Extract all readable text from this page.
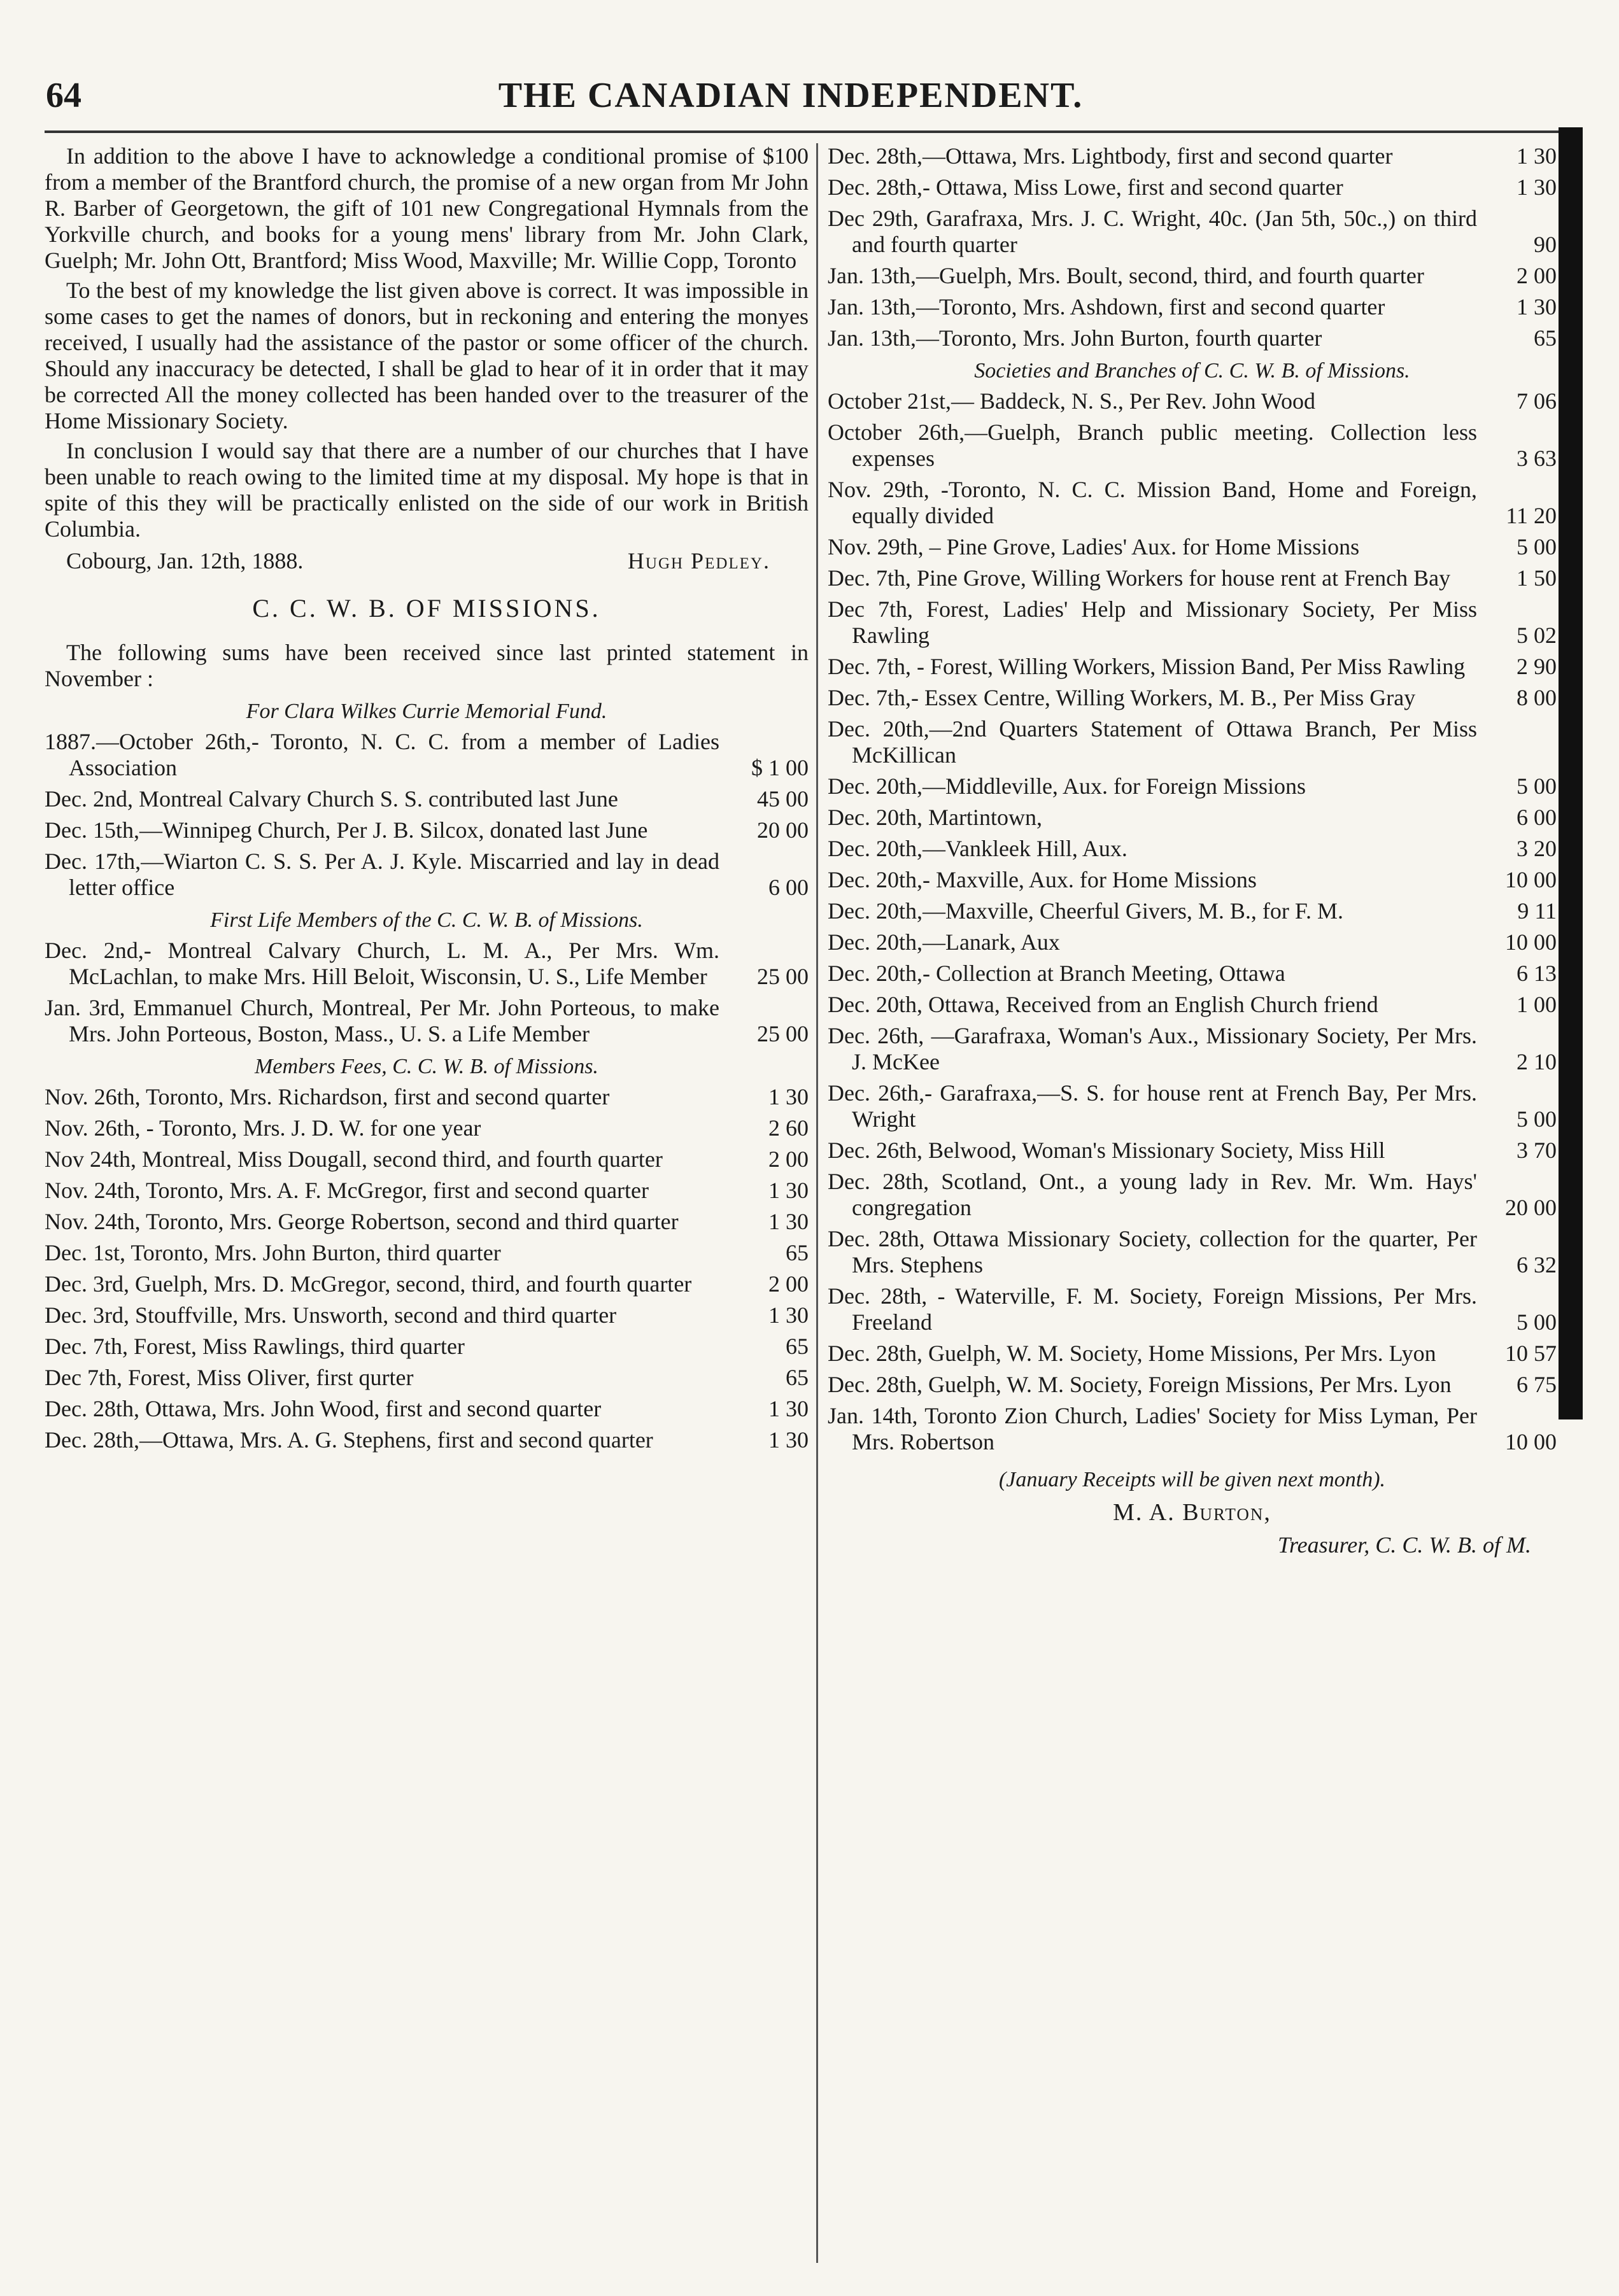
64	THE CANADIAN INDEPENDENT.

In addition to the above I have to acknowledge a conditional promise of $100 from a member of the Brantford church, the promise of a new organ from Mr John R. Barber of Georgetown, the gift of 101 new Congregational Hymnals from the Yorkville church, and books for a young mens' library from Mr. John Clark, Guelph; Mr. John Ott, Brantford; Miss Wood, Maxville; Mr. Willie Copp, Toronto

To the best of my knowledge the list given above is correct. It was impossible in some cases to get the names of donors, but in reckoning and entering the monyes received, I usually had the assistance of the pastor or some officer of the church. Should any inaccuracy be detected, I shall be glad to hear of it in order that it may be corrected All the money collected has been handed over to the treasurer of the Home Missionary Society.

In conclusion I would say that there are a number of our churches that I have been unable to reach owing to the limited time at my disposal. My hope is that in spite of this they will be practically enlisted on the side of our work in British Columbia.

Cobourg, Jan. 12th, 1888.	Hugh Pedley.
C. C. W. B. OF MISSIONS.

The following sums have been received since last printed statement in November :

For Clara Wilkes Currie Memorial Fund.
1887.—October 26th,- Toronto, N. C. C. from a member of Ladies Association	$ 1 00
Dec. 2nd, Montreal Calvary Church S. S. contributed last June	45 00
Dec. 15th,—Winnipeg Church, Per J. B. Silcox, donated last June	20 00
Dec. 17th,—Wiarton C. S. S. Per A. J. Kyle. Miscarried and lay in dead letter office	6 00
First Life Members of the C. C. W. B. of Missions.
Dec. 2nd,- Montreal Calvary Church, L. M. A., Per Mrs. Wm. McLachlan, to make Mrs. Hill Beloit, Wisconsin, U. S., Life Member	25 00
Jan. 3rd, Emmanuel Church, Montreal, Per Mr. John Porteous, to make Mrs. John Porteous, Boston, Mass., U. S. a Life Member	25 00
Members Fees, C. C. W. B. of Missions.
Nov. 26th, Toronto, Mrs. Richardson, first and second quarter	1 30
Nov. 26th, - Toronto, Mrs. J. D. W. for one year	2 60
Nov 24th, Montreal, Miss Dougall, second third, and fourth quarter	2 00
Nov. 24th, Toronto, Mrs. A. F. McGregor, first and second quarter	1 30
Nov. 24th, Toronto, Mrs. George Robertson, second and third quarter	1 30
Dec. 1st, Toronto, Mrs. John Burton, third quarter	65
Dec. 3rd, Guelph, Mrs. D. McGregor, second, third, and fourth quarter	2 00
Dec. 3rd, Stouffville, Mrs. Unsworth, second and third quarter	1 30
Dec. 7th, Forest, Miss Rawlings, third quarter	65
Dec 7th, Forest, Miss Oliver, first qurter	65
Dec. 28th, Ottawa, Mrs. John Wood, first and second quarter	1 30
Dec. 28th,—Ottawa, Mrs. A. G. Stephens, first and second quarter	1 30
Dec. 28th,—Ottawa, Mrs. Lightbody, first and second quarter	1 30
Dec. 28th,- Ottawa, Miss Lowe, first and second quarter	1 30
Dec 29th, Garafraxa, Mrs. J. C. Wright, 40c. (Jan 5th, 50c.,) on third and fourth quarter	90
Jan. 13th,—Guelph, Mrs. Boult, second, third, and fourth quarter	2 00
Jan. 13th,—Toronto, Mrs. Ashdown, first and second quarter	1 30
Jan. 13th,—Toronto, Mrs. John Burton, fourth quarter	65
Societies and Branches of C. C. W. B. of Missions.
October 21st,— Baddeck, N. S., Per Rev. John Wood	7 06
October 26th,—Guelph, Branch public meeting. Collection less expenses	3 63
Nov. 29th, -Toronto, N. C. C. Mission Band, Home and Foreign, equally divided	11 20
Nov. 29th, – Pine Grove, Ladies' Aux. for Home Missions	5 00
Dec. 7th, Pine Grove, Willing Workers for house rent at French Bay	1 50
Dec 7th, Forest, Ladies' Help and Missionary Society, Per Miss Rawling	5 02
Dec. 7th, - Forest, Willing Workers, Mission Band, Per Miss Rawling	2 90
Dec. 7th,- Essex Centre, Willing Workers, M. B., Per Miss Gray	8 00
Dec. 20th,—2nd Quarters Statement of Ottawa Branch, Per Miss McKillican
Dec. 20th,—Middleville, Aux. for Foreign Missions	5 00
Dec. 20th, Martintown,	6 00
Dec. 20th,—Vankleek Hill, Aux.	3 20
Dec. 20th,- Maxville, Aux. for Home Missions	10 00
Dec. 20th,—Maxville, Cheerful Givers, M. B., for F. M.	9 11
Dec. 20th,—Lanark, Aux	10 00
Dec. 20th,- Collection at Branch Meeting, Ottawa	6 13
Dec. 20th, Ottawa, Received from an English Church friend	1 00
Dec. 26th, —Garafraxa, Woman's Aux., Missionary Society, Per Mrs. J. McKee	2 10
Dec. 26th,- Garafraxa,—S. S. for house rent at French Bay, Per Mrs. Wright	5 00
Dec. 26th, Belwood, Woman's Missionary Society, Miss Hill	3 70
Dec. 28th, Scotland, Ont., a young lady in Rev. Mr. Wm. Hays' congregation	20 00
Dec. 28th, Ottawa Missionary Society, collection for the quarter, Per Mrs. Stephens	6 32
Dec. 28th, - Waterville, F. M. Society, Foreign Missions, Per Mrs. Freeland	5 00
Dec. 28th, Guelph, W. M. Society, Home Missions, Per Mrs. Lyon	10 57
Dec. 28th, Guelph, W. M. Society, Foreign Missions, Per Mrs. Lyon	6 75
Jan. 14th, Toronto Zion Church, Ladies' Society for Miss Lyman, Per Mrs. Robertson	10 00
(January Receipts will be given next month).
M. A. Burton,
Treasurer, C. C. W. B. of M.
